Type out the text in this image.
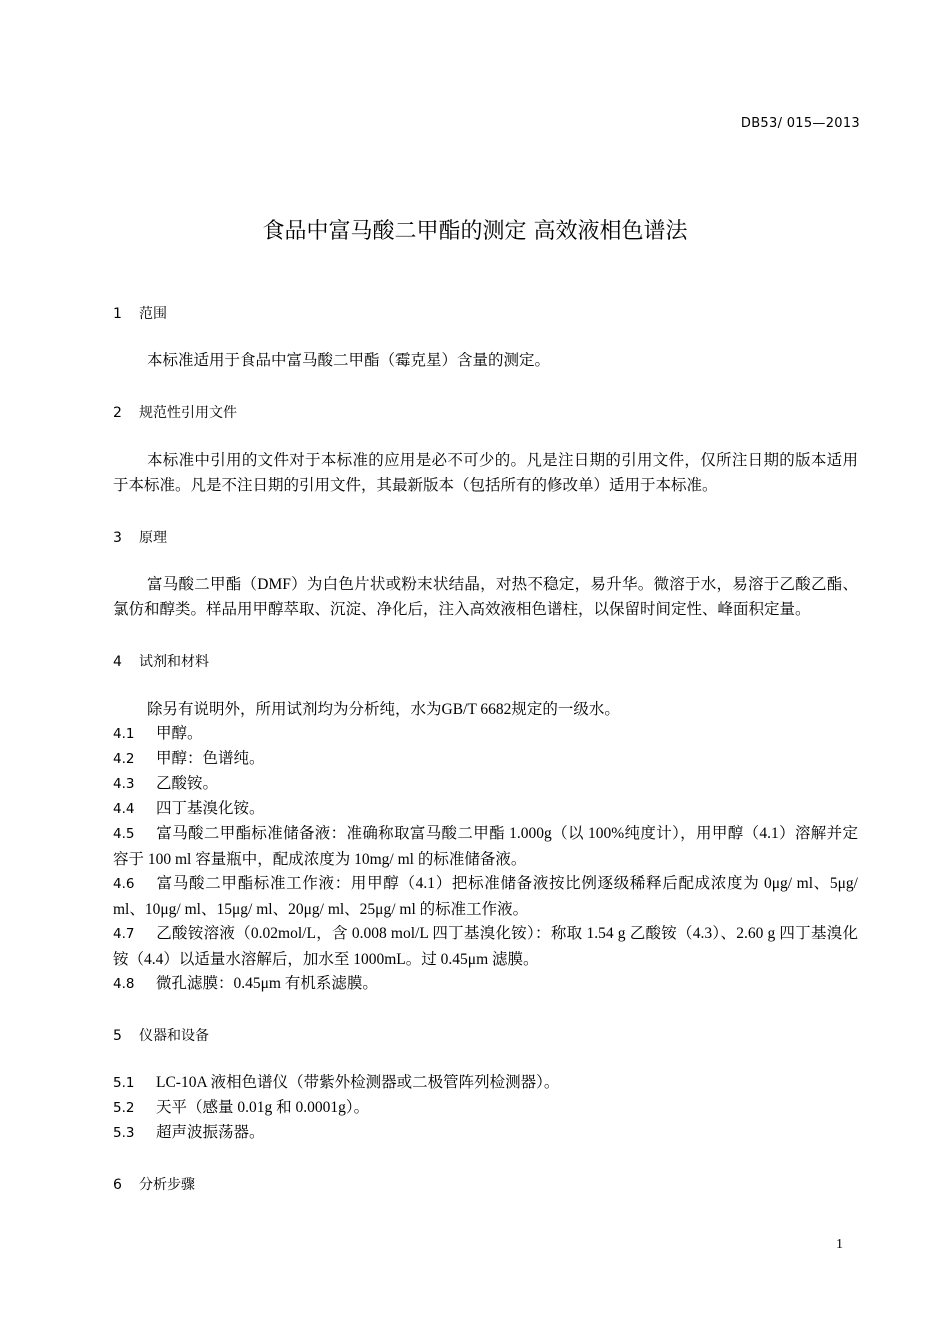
DB53/ 015—2013
食品中富马酸二甲酯的测定 高效液相色谱法
1 范围
本标准适用于食品中富马酸二甲酯（霉克星）含量的测定。
2 规范性引用文件
本标准中引用的文件对于本标准的应用是必不可少的。凡是注日期的引用文件，仅所注日期的版本适用于本标准。凡是不注日期的引用文件，其最新版本（包括所有的修改单）适用于本标准。
3 原理
富马酸二甲酯（DMF）为白色片状或粉末状结晶，对热不稳定，易升华。微溶于水，易溶于乙酸乙酯、氯仿和醇类。样品用甲醇萃取、沉淀、净化后，注入高效液相色谱柱，以保留时间定性、峰面积定量。
4 试剂和材料
除另有说明外，所用试剂均为分析纯，水为GB/T 6682规定的一级水。
4.1 甲醇。
4.2 甲醇：色谱纯。
4.3 乙酸铵。
4.4 四丁基溴化铵。
4.5 富马酸二甲酯标准储备液：准确称取富马酸二甲酯 1.000g（以 100%纯度计），用甲醇（4.1）溶解并定容于 100 ml 容量瓶中，配成浓度为 10mg/ ml 的标准储备液。
4.6 富马酸二甲酯标准工作液：用甲醇（4.1）把标准储备液按比例逐级稀释后配成浓度为 0μg/ ml、5μg/ ml、10μg/ ml、15μg/ ml、20μg/ ml、25μg/ ml 的标准工作液。
4.7 乙酸铵溶液（0.02mol/L，含 0.008 mol/L 四丁基溴化铵）：称取 1.54 g 乙酸铵（4.3）、2.60 g 四丁基溴化铵（4.4）以适量水溶解后，加水至 1000mL。过 0.45μm 滤膜。
4.8 微孔滤膜：0.45μm 有机系滤膜。
5 仪器和设备
5.1 LC-10A 液相色谱仪（带紫外检测器或二极管阵列检测器）。
5.2 天平（感量 0.01g 和 0.0001g）。
5.3 超声波振荡器。
6 分析步骤
1
